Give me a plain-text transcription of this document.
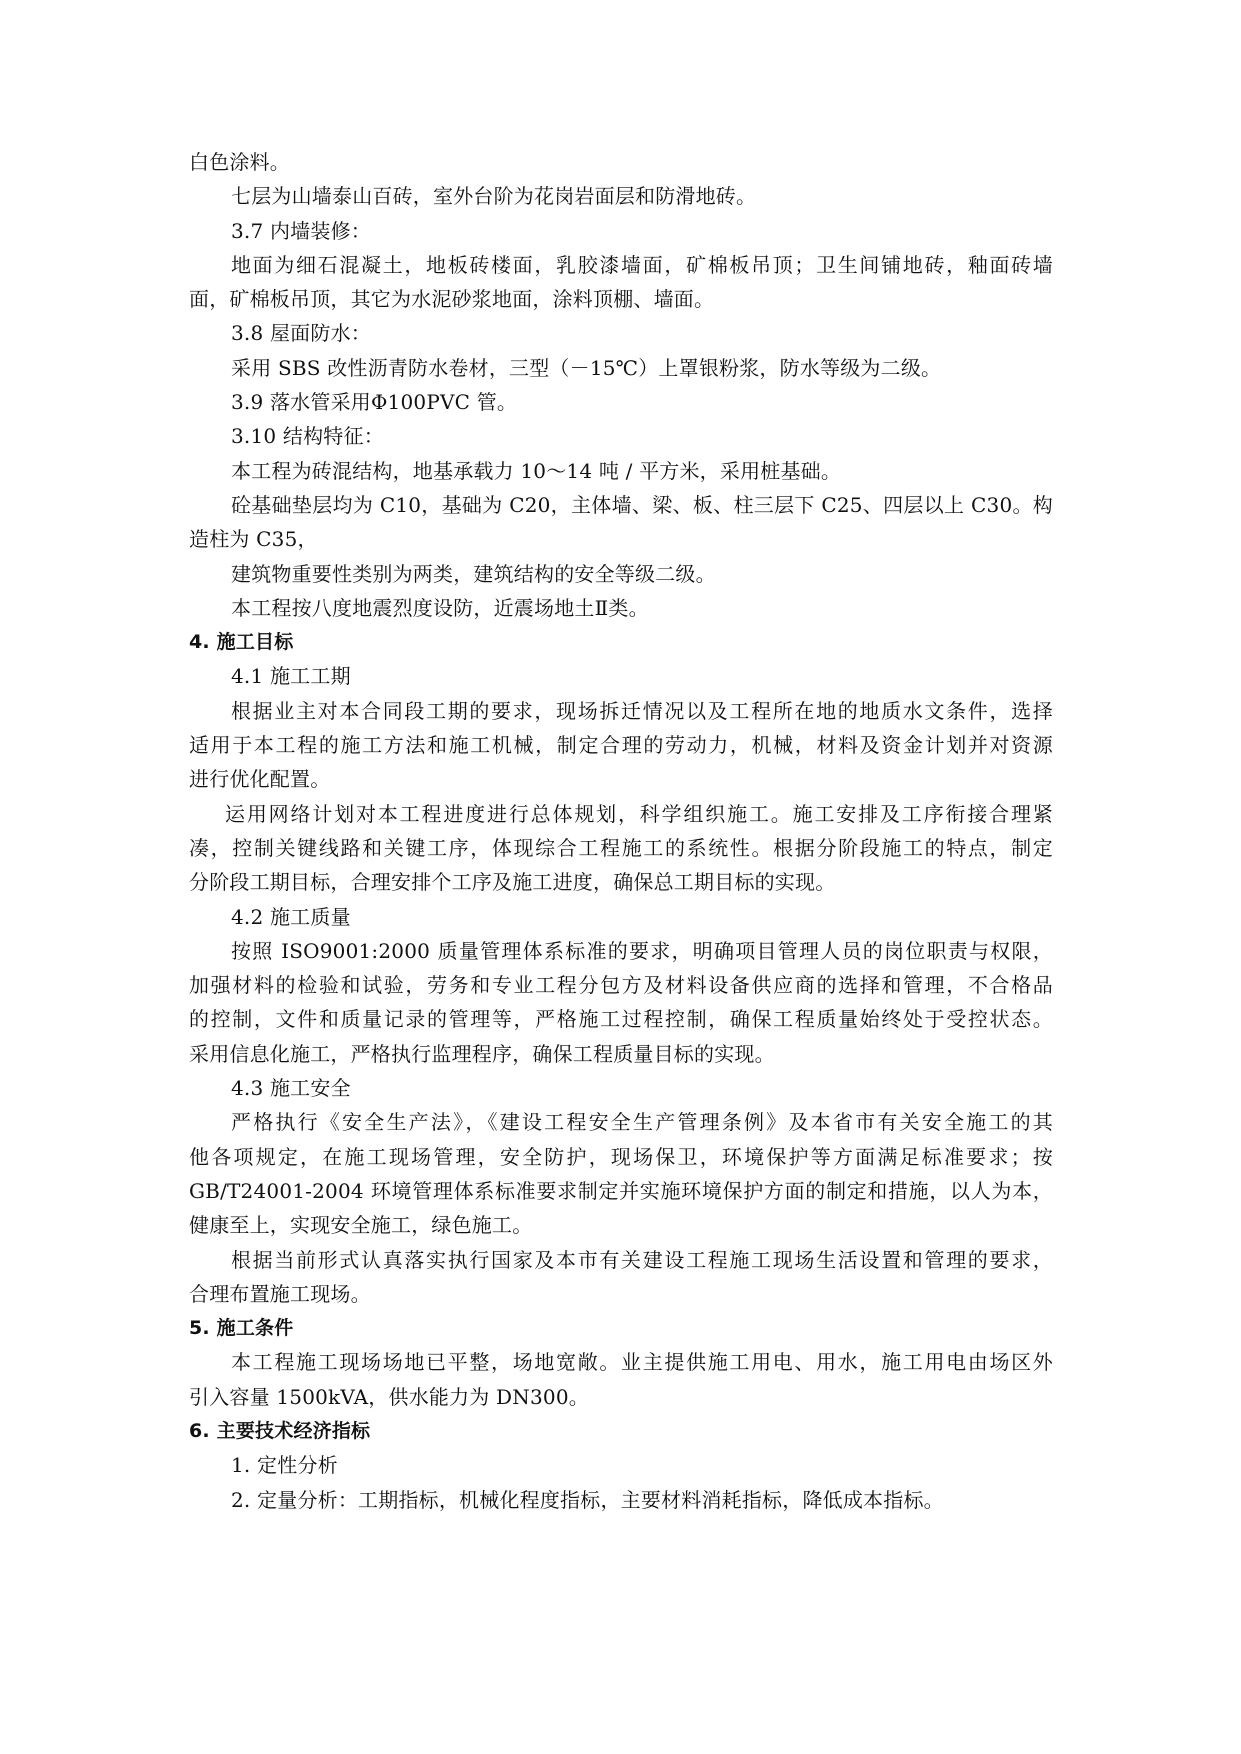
白色涂料。
七层为山墙泰山百砖，室外台阶为花岗岩面层和防滑地砖。
3.7 内墙装修：
地面为细石混凝土，地板砖楼面，乳胶漆墙面，矿棉板吊顶；卫生间铺地砖，釉面砖墙
面，矿棉板吊顶，其它为水泥砂浆地面，涂料顶棚、墙面。
3.8 屋面防水：
采用 SBS 改性沥青防水卷材，三型（－15℃）上罩银粉浆，防水等级为二级。
3.9 落水管采用Φ100PVC 管。
3.10 结构特征：
本工程为砖混结构，地基承载力 10～14 吨 / 平方米，采用桩基础。
砼基础垫层均为 C10，基础为 C20，主体墙、梁、板、柱三层下 C25、四层以上 C30。构
造柱为 C35，
建筑物重要性类别为两类，建筑结构的安全等级二级。
本工程按八度地震烈度设防，近震场地土Ⅱ类。
4. 施工目标
4.1 施工工期
根据业主对本合同段工期的要求，现场拆迁情况以及工程所在地的地质水文条件，选择
适用于本工程的施工方法和施工机械，制定合理的劳动力，机械，材料及资金计划并对资源
进行优化配置。
运用网络计划对本工程进度进行总体规划，科学组织施工。施工安排及工序衔接合理紧
凑，控制关键线路和关键工序，体现综合工程施工的系统性。根据分阶段施工的特点，制定
分阶段工期目标，合理安排个工序及施工进度，确保总工期目标的实现。
4.2 施工质量
按照 ISO9001:2000 质量管理体系标准的要求，明确项目管理人员的岗位职责与权限，
加强材料的检验和试验，劳务和专业工程分包方及材料设备供应商的选择和管理，不合格品
的控制，文件和质量记录的管理等，严格施工过程控制，确保工程质量始终处于受控状态。
采用信息化施工，严格执行监理程序，确保工程质量目标的实现。
4.3 施工安全
严格执行《安全生产法》，《建设工程安全生产管理条例》及本省市有关安全施工的其
他各项规定，在施工现场管理，安全防护，现场保卫，环境保护等方面满足标准要求；按
GB/T24001-2004 环境管理体系标准要求制定并实施环境保护方面的制定和措施，以人为本，
健康至上，实现安全施工，绿色施工。
根据当前形式认真落实执行国家及本市有关建设工程施工现场生活设置和管理的要求，
合理布置施工现场。
5. 施工条件
本工程施工现场场地已平整，场地宽敞。业主提供施工用电、用水，施工用电由场区外
引入容量 1500kVA，供水能力为 DN300。
6. 主要技术经济指标
1. 定性分析
2. 定量分析：工期指标，机械化程度指标，主要材料消耗指标，降低成本指标。
